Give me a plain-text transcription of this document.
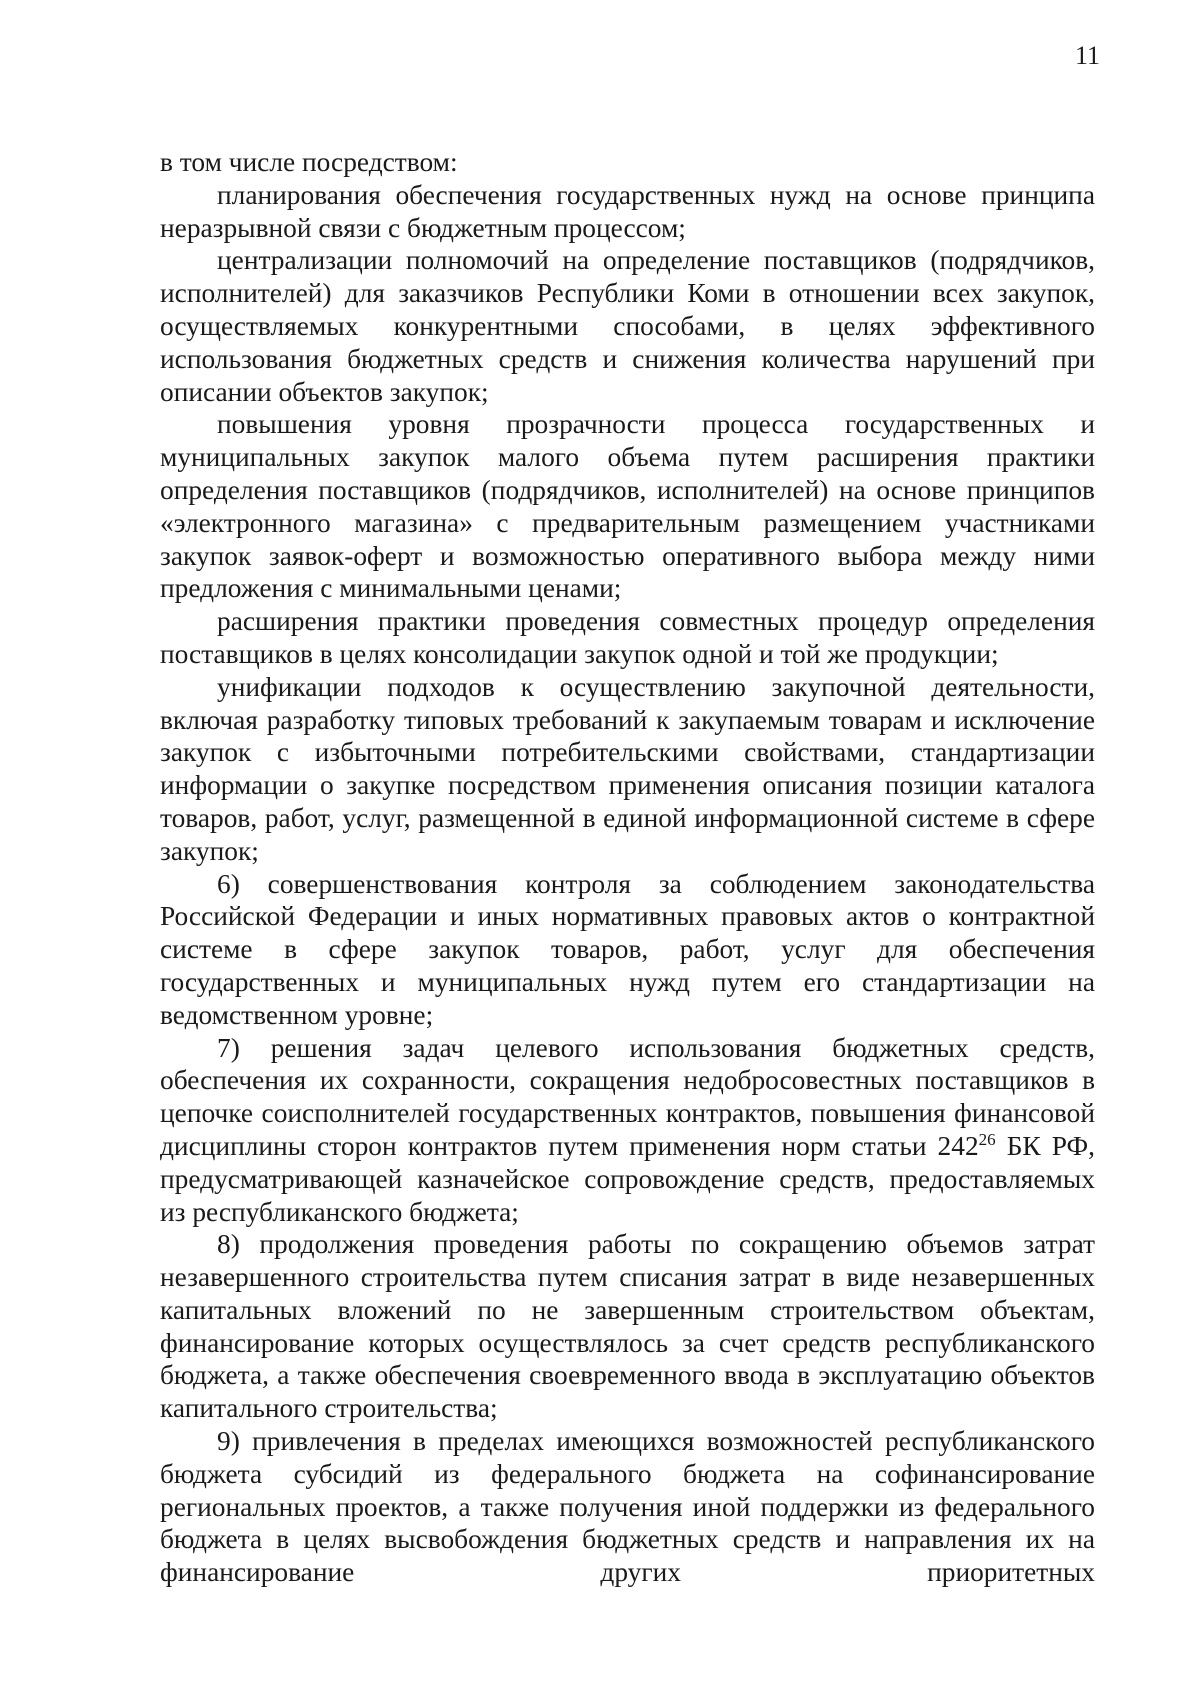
11

в том числе посредством:

планирования обеспечения государственных нужд на основе принципа неразрывной связи с бюджетным процессом;

централизации полномочий на определение поставщиков (подрядчиков, исполнителей) для заказчиков Республики Коми в отношении всех закупок, осуществляемых конкурентными способами, в целях эффективного использования бюджетных средств и снижения количества нарушений при описании объектов закупок;

повышения уровня прозрачности процесса государственных и муниципальных закупок малого объема путем расширения практики определения поставщиков (подрядчиков, исполнителей) на основе принципов «электронного магазина» с предварительным размещением участниками закупок заявок-оферт и возможностью оперативного выбора между ними предложения с минимальными ценами;

расширения практики проведения совместных процедур определения поставщиков в целях консолидации закупок одной и той же продукции;

унификации подходов к осуществлению закупочной деятельности, включая разработку типовых требований к закупаемым товарам и исключение закупок с избыточными потребительскими свойствами, стандартизации информации о закупке посредством применения описания позиции каталога товаров, работ, услуг, размещенной в единой информационной системе в сфере закупок;

6) совершенствования контроля за соблюдением законодательства Российской Федерации и иных нормативных правовых актов о контрактной системе в сфере закупок товаров, работ, услуг для обеспечения государственных и муниципальных нужд путем его стандартизации на ведомственном уровне;

7) решения задач целевого использования бюджетных средств, обеспечения их сохранности, сокращения недобросовестных поставщиков в цепочке соисполнителей государственных контрактов, повышения финансовой дисциплины сторон контрактов путем применения норм статьи $242^{26}$ БК РФ, предусматривающей казначейское сопровождение средств, предоставляемых из республиканского бюджета;

8) продолжения проведения работы по сокращению объемов затрат незавершенного строительства путем списания затрат в виде незавершенных капитальных вложений по не завершенным строительством объектам, финансирование которых осуществлялось за счет средств республиканского бюджета, а также обеспечения своевременного ввода в эксплуатацию объектов капитального строительства;

9) привлечения в пределах имеющихся возможностей республиканского бюджета субсидий из федерального бюджета на софинансирование региональных проектов, а также получения иной поддержки из федерального бюджета в целях высвобождения бюджетных средств и направления их на финансирование других приоритетных
